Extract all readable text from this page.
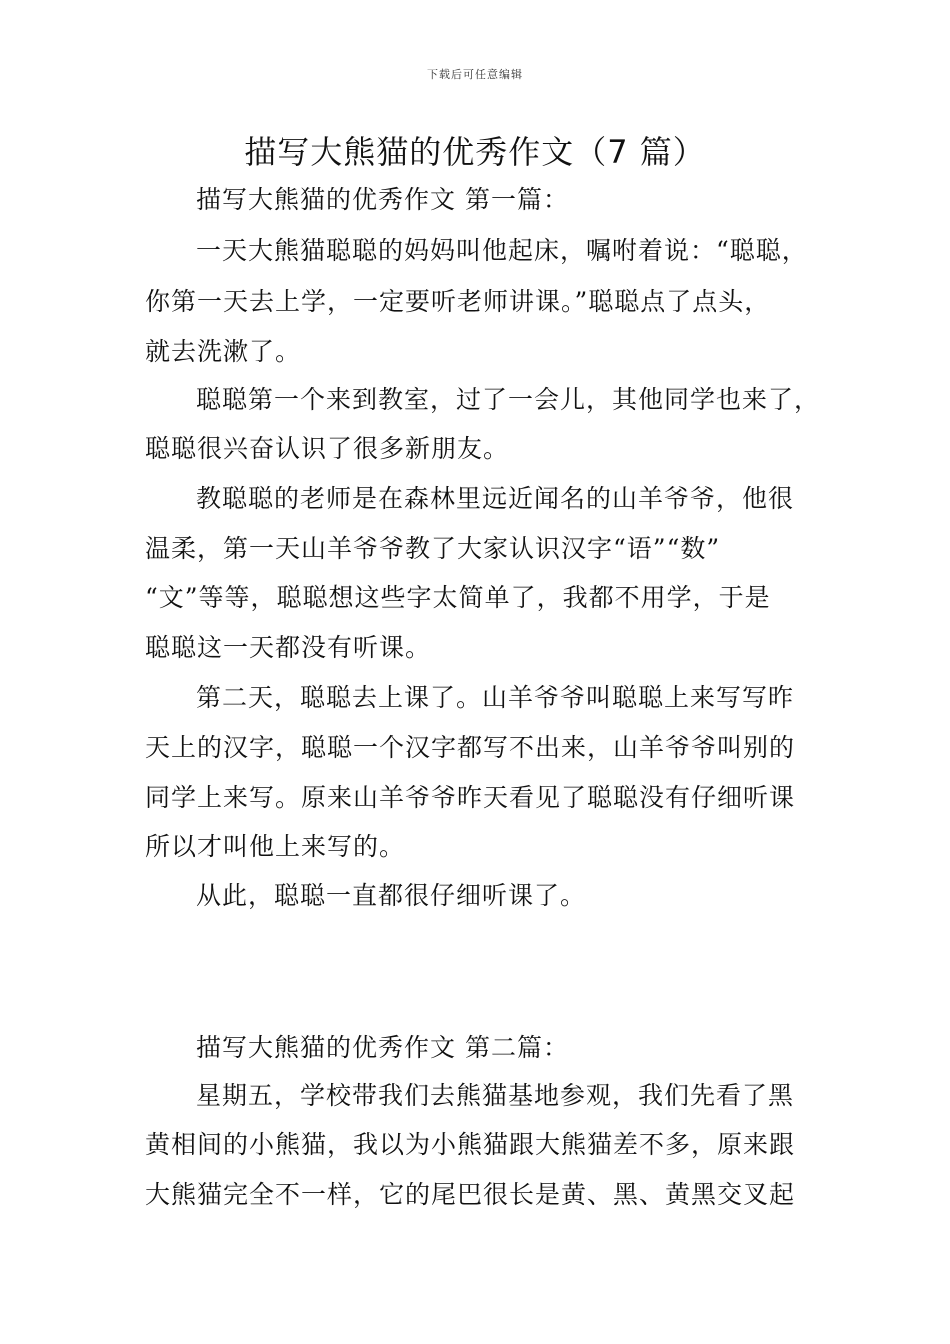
下载后可任意编辑
描写大熊猫的优秀作文（7 篇）
描写大熊猫的优秀作文 第一篇：
一天大熊猫聪聪的妈妈叫他起床，嘱咐着说：“聪聪，
你第一天去上学，一定要听老师讲课。”聪聪点了点头，
就去洗漱了。
聪聪第一个来到教室，过了一会儿，其他同学也来了，
聪聪很兴奋认识了很多新朋友。
教聪聪的老师是在森林里远近闻名的山羊爷爷，他很
温柔，第一天山羊爷爷教了大家认识汉字“语”“数”
“文”等等，聪聪想这些字太简单了，我都不用学，于是
聪聪这一天都没有听课。
第二天，聪聪去上课了。山羊爷爷叫聪聪上来写写昨
天上的汉字，聪聪一个汉字都写不出来，山羊爷爷叫别的
同学上来写。原来山羊爷爷昨天看见了聪聪没有仔细听课
所以才叫他上来写的。
从此，聪聪一直都很仔细听课了。
描写大熊猫的优秀作文 第二篇：
星期五，学校带我们去熊猫基地参观，我们先看了黑
黄相间的小熊猫，我以为小熊猫跟大熊猫差不多，原来跟
大熊猫完全不一样，它的尾巴很长是黄、黑、黄黑交叉起
